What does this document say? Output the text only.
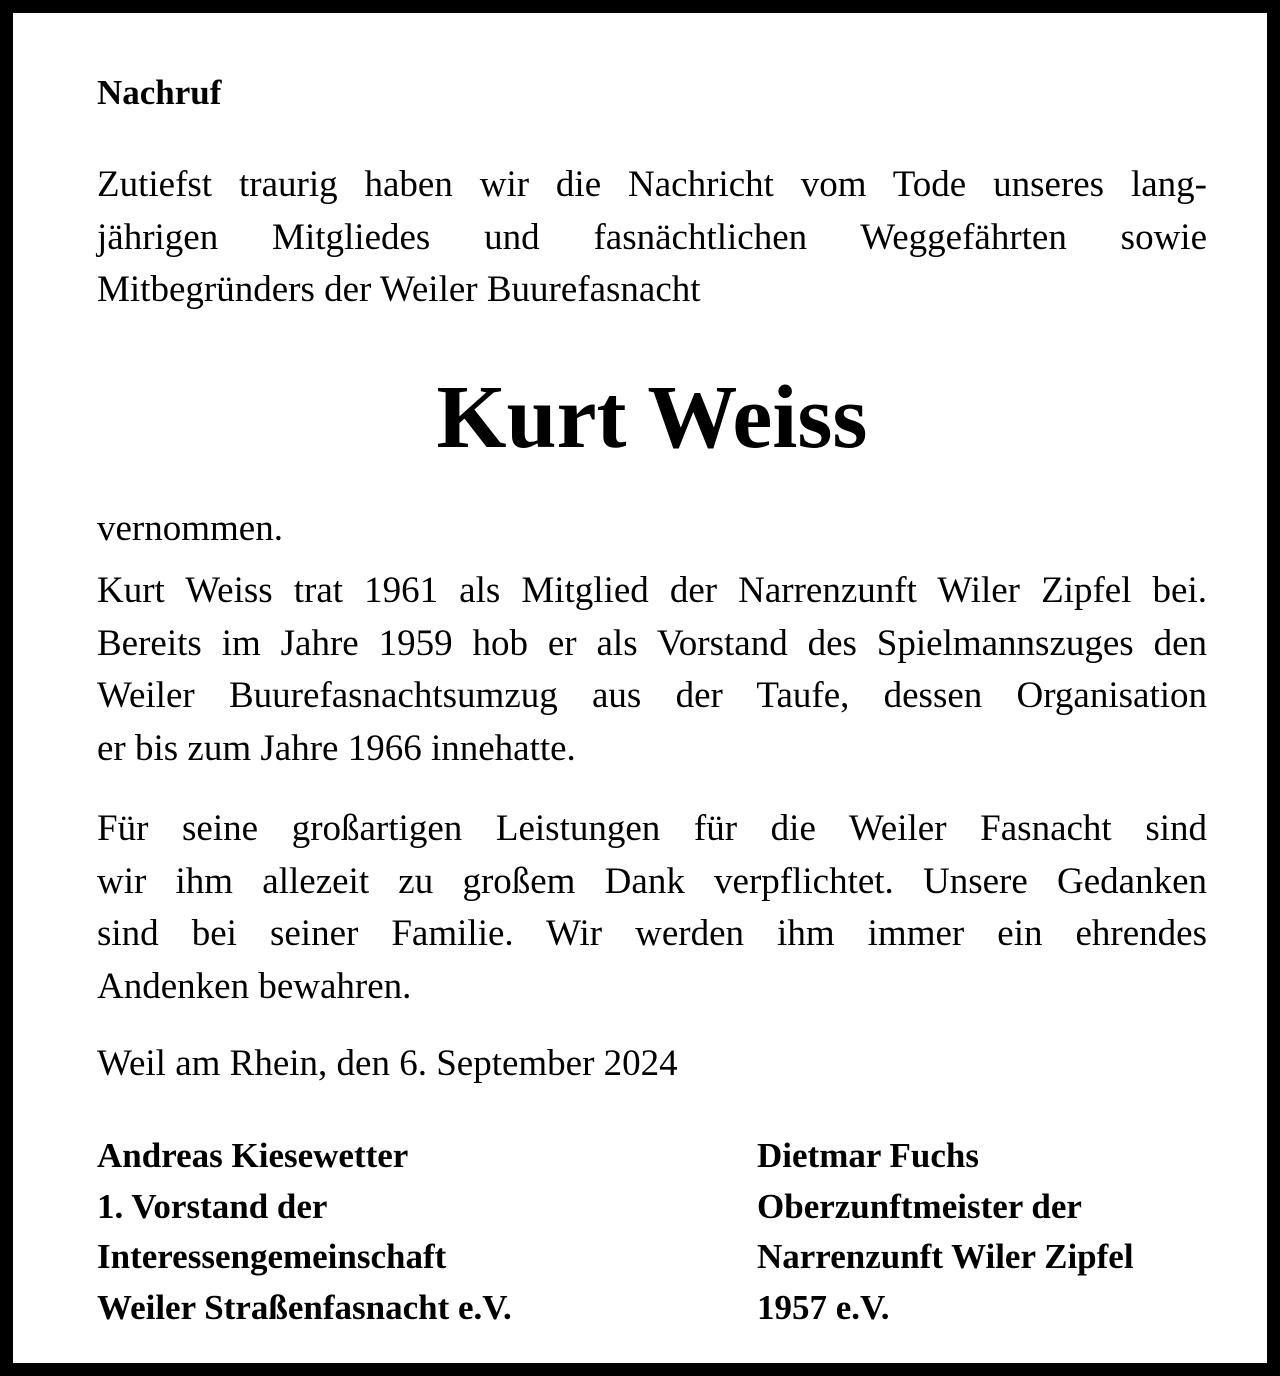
Nachruf

Zutiefst traurig haben wir die Nachricht vom Tode unseres lang-
jährigen Mitgliedes und fasnächtlichen Weggefährten sowie
Mitbegründers der Weiler Buurefasnacht

Kurt Weiss

vernommen.

Kurt Weiss trat 1961 als Mitglied der Narrenzunft Wiler Zipfel bei.
Bereits im Jahre 1959 hob er als Vorstand des Spielmannszuges den
Weiler Buurefasnachtsumzug aus der Taufe, dessen Organisation
er bis zum Jahre 1966 innehatte.

Für seine großartigen Leistungen für die Weiler Fasnacht sind
wir ihm allezeit zu großem Dank verpflichtet. Unsere Gedanken
sind bei seiner Familie. Wir werden ihm immer ein ehrendes
Andenken bewahren.

Weil am Rhein, den 6. September 2024

Andreas Kiesewetter
1. Vorstand der
Interessengemeinschaft
Weiler Straßenfasnacht e.V.
Dietmar Fuchs
Oberzunftmeister der
Narrenzunft Wiler Zipfel
1957 e.V.
